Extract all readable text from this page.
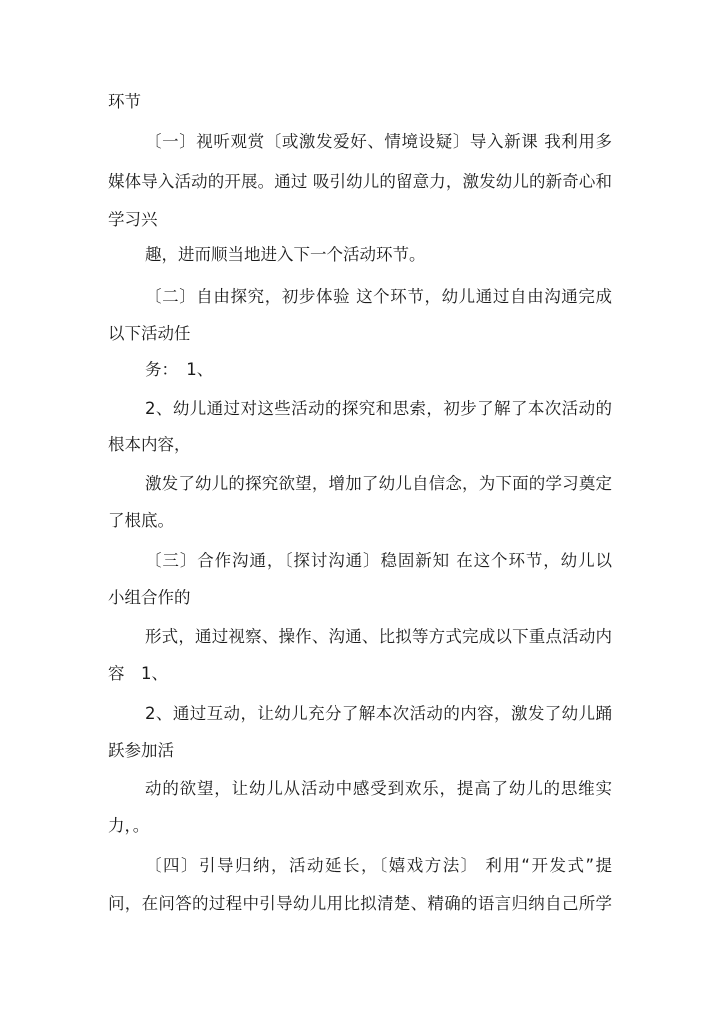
环节
〔一〕视听观赏〔或激发爱好、情境设疑〕导入新课 我利用多
媒体导入活动的开展。通过 吸引幼儿的留意力，激发幼儿的新奇心和
学习兴
趣，进而顺当地进入下一个活动环节。
〔二〕自由探究，初步体验 这个环节，幼儿通过自由沟通完成
以下活动任
务：　1、
2、幼儿通过对这些活动的探究和思索，初步了解了本次活动的
根本内容，
激发了幼儿的探究欲望，增加了幼儿自信念，为下面的学习奠定
了根底。
〔三〕合作沟通，〔探讨沟通〕稳固新知 在这个环节，幼儿以
小组合作的
形式，通过视察、操作、沟通、比拟等方式完成以下重点活动内
容　1、
2、通过互动，让幼儿充分了解本次活动的内容，激发了幼儿踊
跃参加活
动的欲望，让幼儿从活动中感受到欢乐，提高了幼儿的思维实
力，。
〔四〕引导归纳，活动延长，〔嬉戏方法〕 利用“开发式”提
问，在问答的过程中引导幼儿用比拟清楚、精确的语言归纳自己所学
